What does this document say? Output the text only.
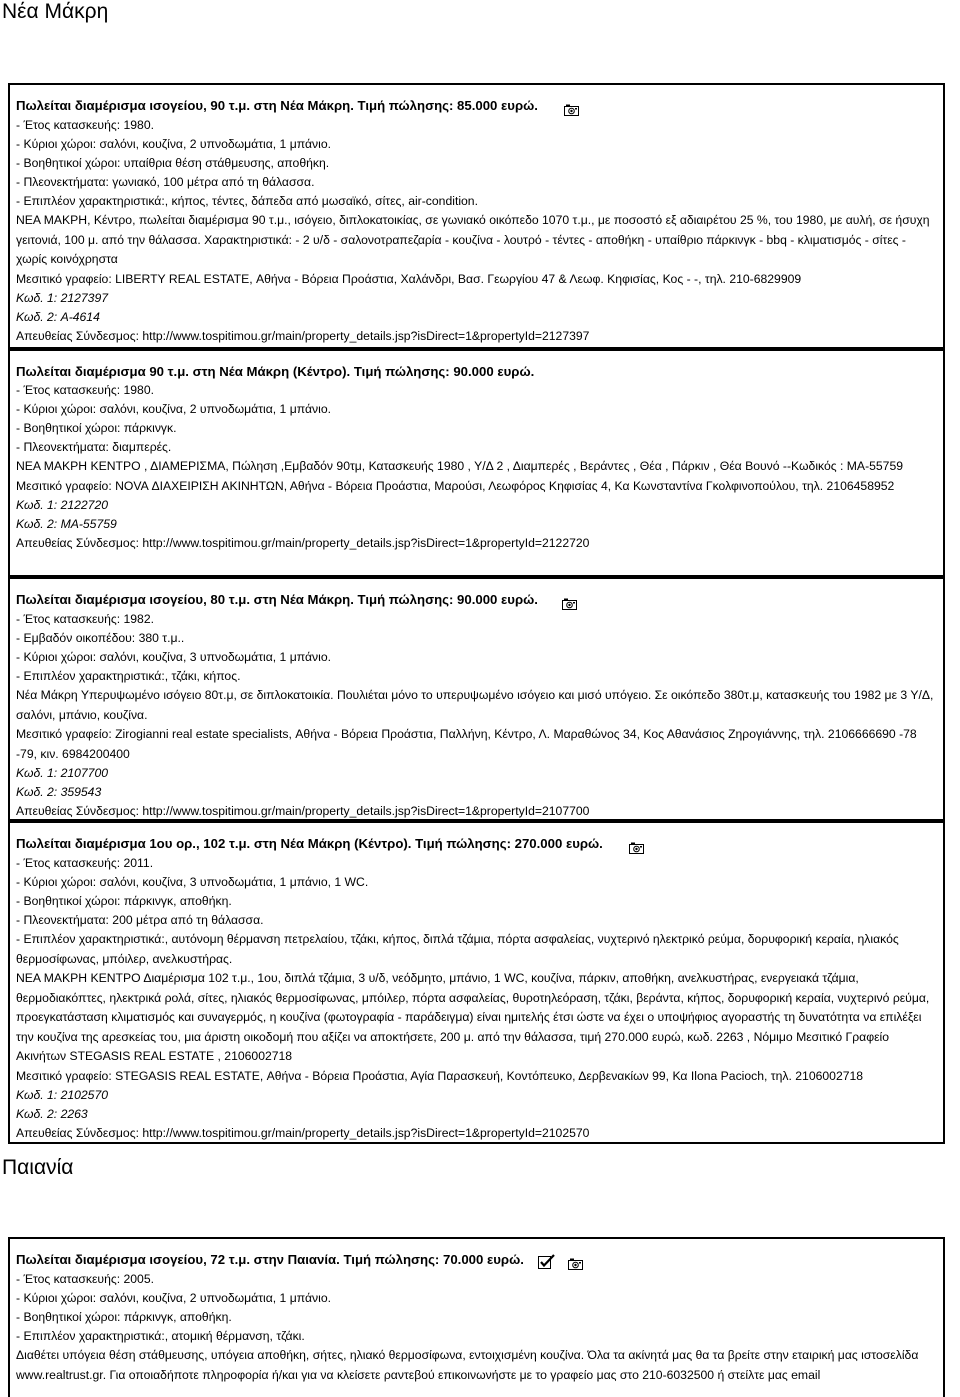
Νέα Μάκρη
Πωλείται διαμέρισμα ισογείου, 90 τ.μ. στη Νέα Μάκρη. Τιμή πώλησης: 85.000 ευρώ.
- Έτος κατασκευής: 1980.
- Κύριοι χώροι: σαλόνι, κουζίνα, 2 υπνοδωμάτια, 1 μπάνιο.
- Βοηθητικοί χώροι: υπαίθρια θέση στάθμευσης, αποθήκη.
- Πλεονεκτήματα: γωνιακό, 100 μέτρα από τη θάλασσα.
- Επιπλέον χαρακτηριστικά:, κήπος, τέντες, δάπεδα από μωσαϊκό, σίτες, air-condition.
ΝΕΑ ΜΑΚΡΗ, Κέντρο, πωλείται διαμέρισμα 90 τ.μ., ισόγειο, διπλοκατοικίας, σε γωνιακό οικόπεδο 1070 τ.μ., με ποσοστό εξ αδιαιρέτου 25 %, του 1980, με αυλή, σε ήσυχη γειτονιά, 100 μ. από την θάλασσα. Χαρακτηριστικά: - 2 υ/δ - σαλονοτραπεζαρία - κουζίνα - λουτρό - τέντες - αποθήκη - υπαίθριο πάρκινγκ - bbq - κλιματισμός - σίτες - χωρίς κοινόχρηστα
Μεσιτικό γραφείο: LIBERTY REAL ESTATE, Αθήνα - Βόρεια Προάστια, Χαλάνδρι, Βασ. Γεωργίου 47 & Λεωφ. Κηφισίας, Κος - -, τηλ. 210-6829909
Κωδ. 1: 2127397
Κωδ. 2: A-4614
Απευθείας Σύνδεσμος: http://www.tospitimou.gr/main/property_details.jsp?isDirect=1&propertyId=2127397
Πωλείται διαμέρισμα 90 τ.μ. στη Νέα Μάκρη (Κέντρο). Τιμή πώλησης: 90.000 ευρώ.
- Έτος κατασκευής: 1980.
- Κύριοι χώροι: σαλόνι, κουζίνα, 2 υπνοδωμάτια, 1 μπάνιο.
- Βοηθητικοί χώροι: πάρκινγκ.
- Πλεονεκτήματα: διαμπερές.
ΝΕΑ ΜΑΚΡΗ ΚΕΝΤΡΟ , ΔΙΑΜΕΡΙΣΜΑ, Πώληση ,Εμβαδόν 90τμ, Κατασκευής 1980 , Υ/Δ 2 , Διαμπερές , Βεράντες , Θέα , Πάρκιν , Θέα Βουνό --Κωδικός : ΜΑ-55759
Μεσιτικό γραφείο: NOVA ΔΙΑΧΕΙΡΙΣΗ ΑΚΙΝΗΤΩΝ, Αθήνα - Βόρεια Προάστια, Μαρούσι, Λεωφόρος Κηφισίας 4, Κα Κωνσταντίνα Γκολφινοπούλου, τηλ. 2106458952
Κωδ. 1: 2122720
Κωδ. 2: MA-55759
Απευθείας Σύνδεσμος: http://www.tospitimou.gr/main/property_details.jsp?isDirect=1&propertyId=2122720
Πωλείται διαμέρισμα ισογείου, 80 τ.μ. στη Νέα Μάκρη. Τιμή πώλησης: 90.000 ευρώ.
- Έτος κατασκευής: 1982.
- Εμβαδόν οικοπέδου: 380 τ.μ..
- Κύριοι χώροι: σαλόνι, κουζίνα, 3 υπνοδωμάτια, 1 μπάνιο.
- Επιπλέον χαρακτηριστικά:, τζάκι, κήπος.
Νέα Μάκρη Υπερυψωμένο ισόγειο 80τ.μ, σε διπλοκατοικία. Πουλιέται μόνο το υπερυψωμένο ισόγειο και μισό υπόγειο. Σε οικόπεδο 380τ.μ, κατασκευής του 1982 με 3 Υ/Δ, σαλόνι, μπάνιο, κουζίνα.
Μεσιτικό γραφείο: Zirogianni real estate specialists, Αθήνα - Βόρεια Προάστια, Παλλήνη, Κέντρο, Λ. Μαραθώνος 34, Κος Αθανάσιος Ζηρογιάννης, τηλ. 2106666690 -78 -79, κιν. 6984200400
Κωδ. 1: 2107700
Κωδ. 2: 359543
Απευθείας Σύνδεσμος: http://www.tospitimou.gr/main/property_details.jsp?isDirect=1&propertyId=2107700
Πωλείται διαμέρισμα 1ου ορ., 102 τ.μ. στη Νέα Μάκρη (Κέντρο). Τιμή πώλησης: 270.000 ευρώ.
- Έτος κατασκευής: 2011.
- Κύριοι χώροι: σαλόνι, κουζίνα, 3 υπνοδωμάτια, 1 μπάνιο, 1 WC.
- Βοηθητικοί χώροι: πάρκινγκ, αποθήκη.
- Πλεονεκτήματα: 200 μέτρα από τη θάλασσα.
- Επιπλέον χαρακτηριστικά:, αυτόνομη θέρμανση πετρελαίου, τζάκι, κήπος, διπλά τζάμια, πόρτα ασφαλείας, νυχτερινό ηλεκτρικό ρεύμα, δορυφορική κεραία, ηλιακός θερμοσίφωνας, μπόιλερ, ανελκυστήρας.
ΝΕΑ ΜΑΚΡΗ ΚΕΝΤΡΟ Διαμέρισμα 102 τ.μ., 1ου, διπλά τζάμια, 3 υ/δ, νεόδμητο, μπάνιο, 1 WC, κουζίνα, πάρκιν, αποθήκη, ανελκυστήρας, ενεργειακά τζάμια, θερμοδιακόπτες, ηλεκτρικά ρολά, σίτες, ηλιακός θερμοσίφωνας, μπόιλερ, πόρτα ασφαλείας, θυροτηλεόραση, τζάκι, βεράντα, κήπος, δορυφορική κεραία, νυχτερινό ρεύμα, προεγκατάσταση κλιματισμός και συναγερμός, η κουζίνα (φωτογραφία - παράδειγμα) είναι ημιτελής έτσι ώστε να έχει ο υποψήφιος αγοραστής τη δυνατότητα να επιλέξει την κουζίνα της αρεσκείας του, μια άριστη οικοδομή που αξίζει να αποκτήσετε, 200 μ. από την θάλασσα, τιμή 270.000 ευρώ, κωδ. 2263 , Νόμιμο Μεσιτικό Γραφείο Ακινήτων STEGASIS REAL ESTATE , 2106002718
Μεσιτικό γραφείο: STEGASIS REAL ESTATE, Αθήνα - Βόρεια Προάστια, Αγία Παρασκευή, Κοντόπευκο, Δερβενακίων 99, Κα Ilona Pacioch, τηλ. 2106002718
Κωδ. 1: 2102570
Κωδ. 2: 2263
Απευθείας Σύνδεσμος: http://www.tospitimou.gr/main/property_details.jsp?isDirect=1&propertyId=2102570
Παιανία
Πωλείται διαμέρισμα ισογείου, 72 τ.μ. στην Παιανία. Τιμή πώλησης: 70.000 ευρώ.
- Έτος κατασκευής: 2005.
- Κύριοι χώροι: σαλόνι, κουζίνα, 2 υπνοδωμάτια, 1 μπάνιο.
- Βοηθητικοί χώροι: πάρκινγκ, αποθήκη.
- Επιπλέον χαρακτηριστικά:, ατομική θέρμανση, τζάκι.
Διαθέτει υπόγεια θέση στάθμευσης, υπόγεια αποθήκη, σήτες, ηλιακό θερμοσίφωνα, εντοιχισμένη κουζίνα. Όλα τα ακίνητά μας θα τα βρείτε στην εταιρική μας ιστοσελίδα www.realtrust.gr. Για οποιαδήποτε πληροφορία ή/και για να κλείσετε ραντεβού επικοινωνήστε με το γραφείο μας στο 210-6032500 ή στείλτε μας email
